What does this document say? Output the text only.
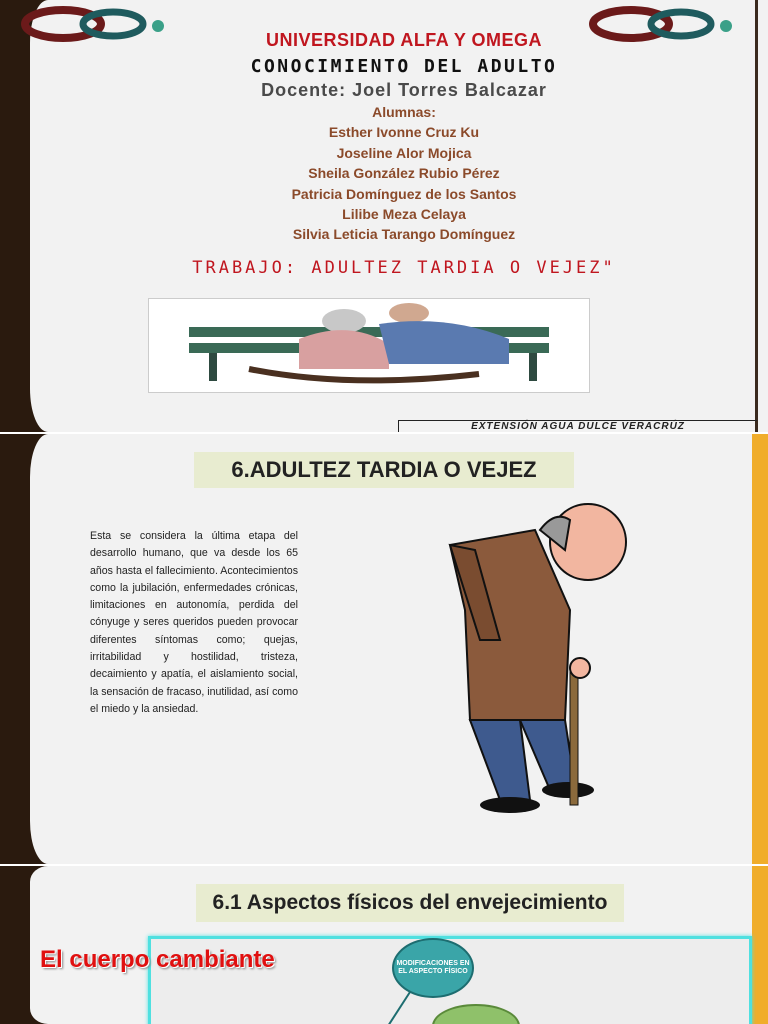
UNIVERSIDAD ALFA Y OMEGA
CONOCIMIENTO DEL ADULTO
Docente: Joel Torres Balcazar
Alumnas:
Esther Ivonne Cruz Ku
Joseline Alor Mojica
Sheila González Rubio Pérez
Patricia Domínguez de los Santos
Lilibe Meza Celaya
Silvia Leticia Tarango Domínguez
TRABAJO: ADULTEZ TARDIA O VEJEZ"
EXTENSIÓN AGUA DULCE VERACRÚZ
6.ADULTEZ TARDIA O VEJEZ
Esta se considera la última etapa del desarrollo humano, que va desde los 65 años hasta el fallecimiento. Acontecimientos como la jubilación, enfermedades crónicas, limitaciones en autonomía, perdida del cónyuge y seres queridos pueden provocar diferentes síntomas como; quejas, irritabilidad y hostilidad, tristeza, decaimiento y apatía, el aislamiento social, la sensación de fracaso, inutilidad, así como el miedo y la ansiedad.
6.1 Aspectos físicos del envejecimiento
El cuerpo cambiante	MODIFICACIONES EN EL ASPECTO FÍSICO
